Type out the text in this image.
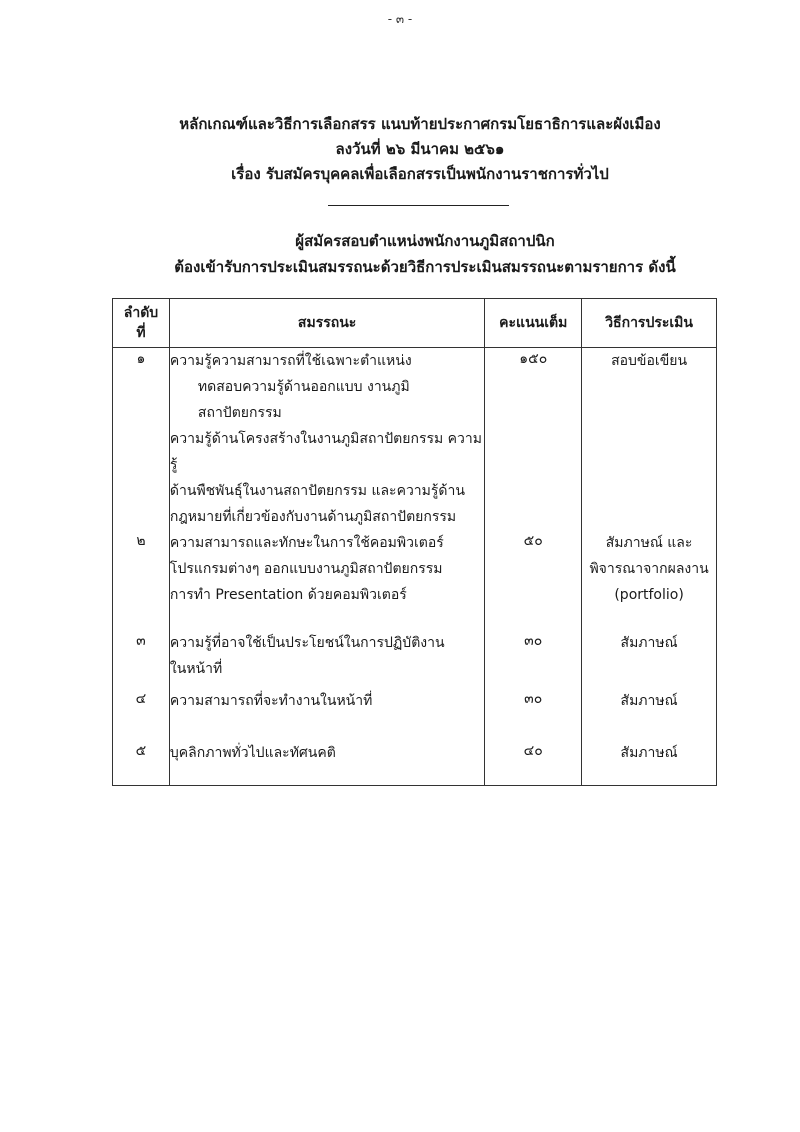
- ๓ -
หลักเกณฑ์และวิธีการเลือกสรร แนบท้ายประกาศกรมโยธาธิการและผังเมือง
ลงวันที่ ๒๖ มีนาคม ๒๕๖๑
เรื่อง รับสมัครบุคคลเพื่อเลือกสรรเป็นพนักงานราชการทั่วไป
ผู้สมัครสอบตำแหน่งพนักงานภูมิสถาปนิก
ต้องเข้ารับการประเมินสมรรถนะด้วยวิธีการประเมินสมรรถนะตามรายการ ดังนี้
ลำดับ
ที่	สมรรถนะ	คะแนนเต็ม	วิธีการประเมิน
๑	ความรู้ความสามารถที่ใช้เฉพาะตำแหน่ง
ทดสอบความรู้ด้านออกแบบ งานภูมิสถาปัตยกรรม
ความรู้ด้านโครงสร้างในงานภูมิสถาปัตยกรรม ความรู้
ด้านพืชพันธุ์ในงานสถาปัตยกรรม และความรู้ด้าน
กฎหมายที่เกี่ยวข้องกับงานด้านภูมิสถาปัตยกรรม	๑๕๐	สอบข้อเขียน

๒	ความสามารถและทักษะในการใช้คอมพิวเตอร์
โปรแกรมต่างๆ ออกแบบงานภูมิสถาปัตยกรรม
การทำ Presentation ด้วยคอมพิวเตอร์	๕๐	สัมภาษณ์ และ
พิจารณาจากผลงาน
(portfolio)

๓	ความรู้ที่อาจใช้เป็นประโยชน์ในการปฏิบัติงาน
ในหน้าที่	๓๐	สัมภาษณ์

๔	ความสามารถที่จะทำงานในหน้าที่	๓๐	สัมภาษณ์

๕	บุคลิกภาพทั่วไปและทัศนคติ	๔๐	สัมภาษณ์
